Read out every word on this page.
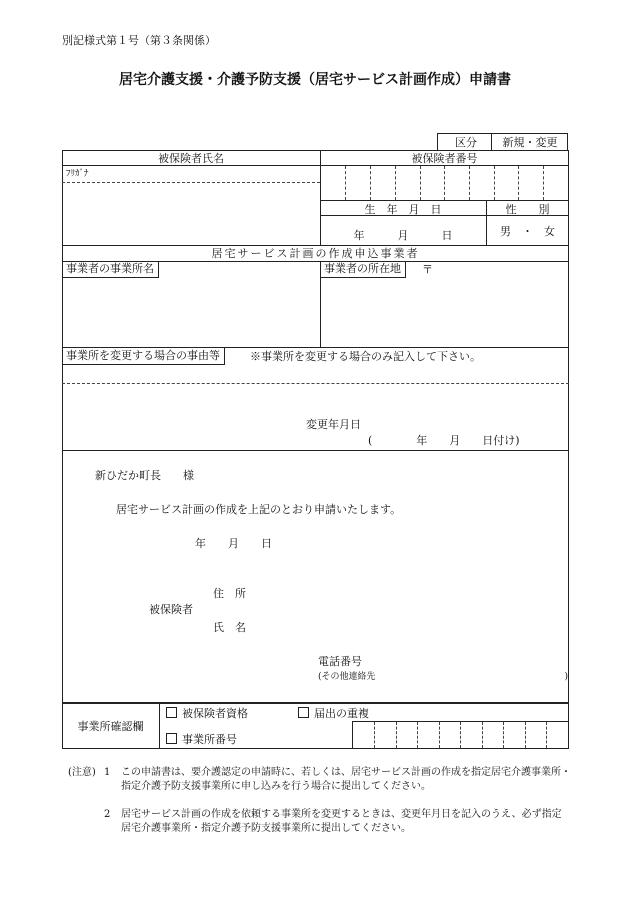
別記様式第１号（第３条関係）
居宅介護支援・介護予防支援（居宅サービス計画作成）申請書
区分	新規・変更
被保険者氏名	被保険者番号
ﾌﾘｶﾞﾅ
生　年　月　日	性　　別
年　　　月　　　日	男　・　女
居宅サービス計画の作成申込事業者
事業者の事業所名	事業者の所在地	〒
事業所を変更する場合の事由等	※事業所を変更する場合のみ記入して下さい。
変更年月日
(　　　　年　　月　　日付け)
新ひだか町長　　様
居宅サービス計画の作成を上記のとおり申請いたします。
年　　月　　日
住　所
被保険者
氏　名
電話番号
(その他連絡先　　　　　　　　　　　　　　　　　　　　　)
事業所確認欄
被保険者資格	届出の重複
事業所番号
(注意) 1 この申請書は、要介護認定の申請時に、若しくは、居宅サービス計画の作成を指定居宅介護事業所・
指定介護予防支援事業所に申し込みを行う場合に提出してください。
2 居宅サービス計画の作成を依頼する事業所を変更するときは、変更年月日を記入のうえ、必ず指定
居宅介護事業所・指定介護予防支援事業所に提出してください。
